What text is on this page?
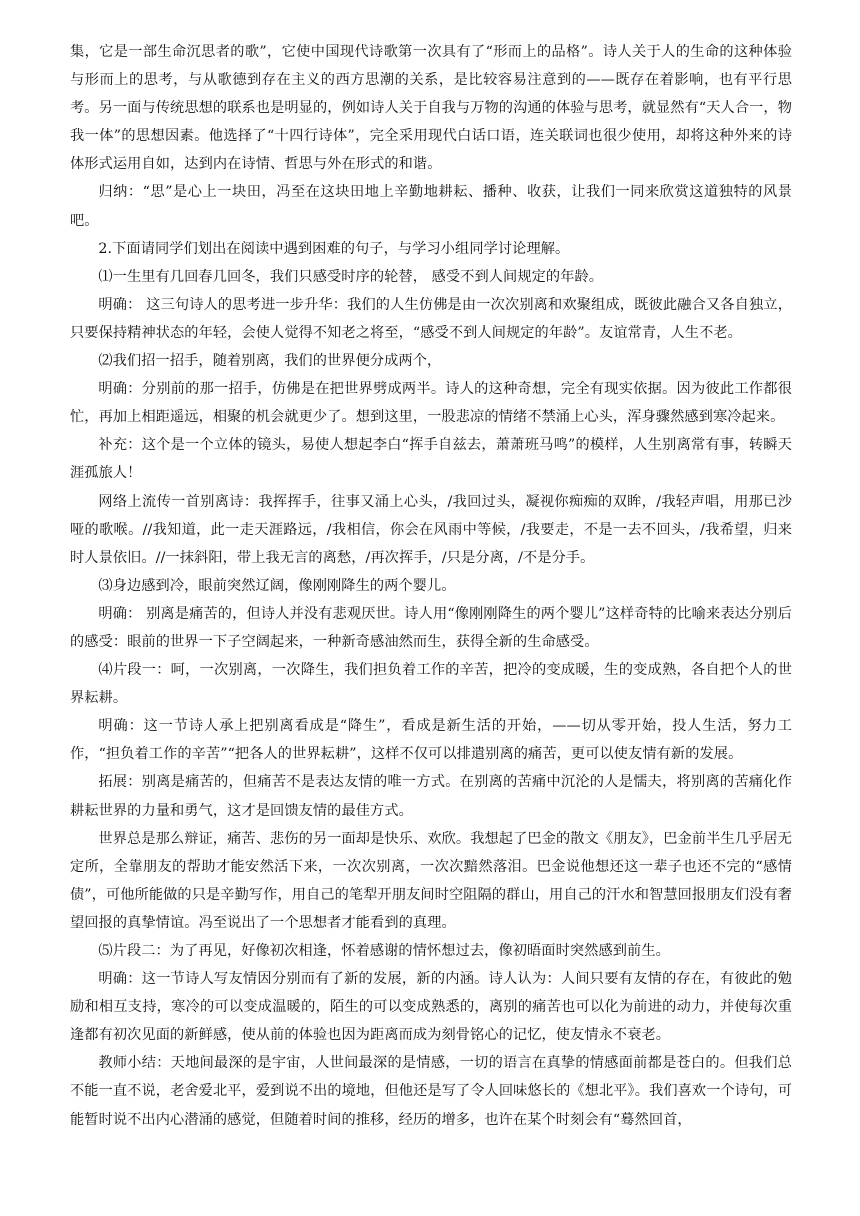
集，它是一部生命沉思者的歌”，它使中国现代诗歌第一次具有了“形而上的品格”。诗人关于人的生命的这种体验与形而上的思考，与从歌德到存在主义的西方思潮的关系，是比较容易注意到的——既存在着影响，也有平行思考。另一面与传统思想的联系也是明显的，例如诗人关于自我与万物的沟通的体验与思考，就显然有“天人合一，物我一体”的思想因素。他选择了“十四行诗体”，完全采用现代白话口语，连关联词也很少使用，却将这种外来的诗体形式运用自如，达到内在诗情、哲思与外在形式的和谐。

归纳：“思”是心上一块田，冯至在这块田地上辛勤地耕耘、播种、收获，让我们一同来欣赏这道独特的风景吧。

2.下面请同学们划出在阅读中遇到困难的句子，与学习小组同学讨论理解。

⑴一生里有几回春几回冬，我们只感受时序的轮替， 感受不到人间规定的年龄。

明确： 这三句诗人的思考进一步升华：我们的人生仿佛是由一次次别离和欢聚组成，既彼此融合又各自独立，只要保持精神状态的年轻，会使人觉得不知老之将至，“感受不到人间规定的年龄”。友谊常青，人生不老。

⑵我们招一招手，随着别离，我们的世界便分成两个，

明确：分别前的那一招手，仿佛是在把世界劈成两半。诗人的这种奇想，完全有现实依据。因为彼此工作都很忙，再加上相距遥远，相聚的机会就更少了。想到这里，一股悲凉的情绪不禁涌上心头，浑身骤然感到寒冷起来。

补充：这个是一个立体的镜头，易使人想起李白“挥手自兹去，萧萧班马鸣”的模样，人生别离常有事，转瞬天涯孤旅人！

网络上流传一首别离诗：我挥挥手，往事又涌上心头，/我回过头，凝视你痴痴的双眸，/我轻声唱，用那已沙哑的歌喉。//我知道，此一走天涯路远，/我相信，你会在风雨中等候，/我要走，不是一去不回头，/我希望，归来时人景依旧。//一抹斜阳，带上我无言的离愁，/再次挥手，/只是分离，/不是分手。

⑶身边感到冷，眼前突然辽阔，像刚刚降生的两个婴儿。

明确： 别离是痛苦的，但诗人并没有悲观厌世。诗人用“像刚刚降生的两个婴儿”这样奇特的比喻来表达分别后的感受：眼前的世界一下子空阔起来，一种新奇感油然而生，获得全新的生命感受。

⑷片段一：呵，一次别离，一次降生，我们担负着工作的辛苦，把冷的变成暖，生的变成熟，各自把个人的世界耘耕。

明确：这一节诗人承上把别离看成是“降生”，看成是新生活的开始，——切从零开始，投人生活，努力工作，“担负着工作的辛苦”“把各人的世界耘耕”，这样不仅可以排遣别离的痛苦，更可以使友情有新的发展。

拓展：别离是痛苦的，但痛苦不是表达友情的唯一方式。在别离的苦痛中沉沦的人是懦夫，将别离的苦痛化作耕耘世界的力量和勇气，这才是回馈友情的最佳方式。

世界总是那么辩证，痛苦、悲伤的另一面却是快乐、欢欣。我想起了巴金的散文《朋友》，巴金前半生几乎居无定所，全靠朋友的帮助才能安然活下来，一次次别离，一次次黯然落泪。巴金说他想还这一辈子也还不完的“感情债”，可他所能做的只是辛勤写作，用自己的笔犁开朋友间时空阻隔的群山，用自己的汗水和智慧回报朋友们没有奢望回报的真挚情谊。冯至说出了一个思想者才能看到的真理。

⑸片段二：为了再见，好像初次相逢，怀着感谢的情怀想过去，像初晤面时突然感到前生。

明确：这一节诗人写友情因分别而有了新的发展，新的内涵。诗人认为：人间只要有友情的存在，有彼此的勉励和相互支持，寒冷的可以变成温暖的，陌生的可以变成熟悉的，离别的痛苦也可以化为前进的动力，并使每次重逢都有初次见面的新鲜感，使从前的体验也因为距离而成为刻骨铭心的记忆，使友情永不衰老。

教师小结：天地间最深的是宇宙，人世间最深的是情感，一切的语言在真挚的情感面前都是苍白的。但我们总不能一直不说，老舍爱北平，爱到说不出的境地，但他还是写了令人回味悠长的《想北平》。我们喜欢一个诗句，可能暂时说不出内心潜涌的感觉，但随着时间的推移，经历的增多，也许在某个时刻会有“蓦然回首，
